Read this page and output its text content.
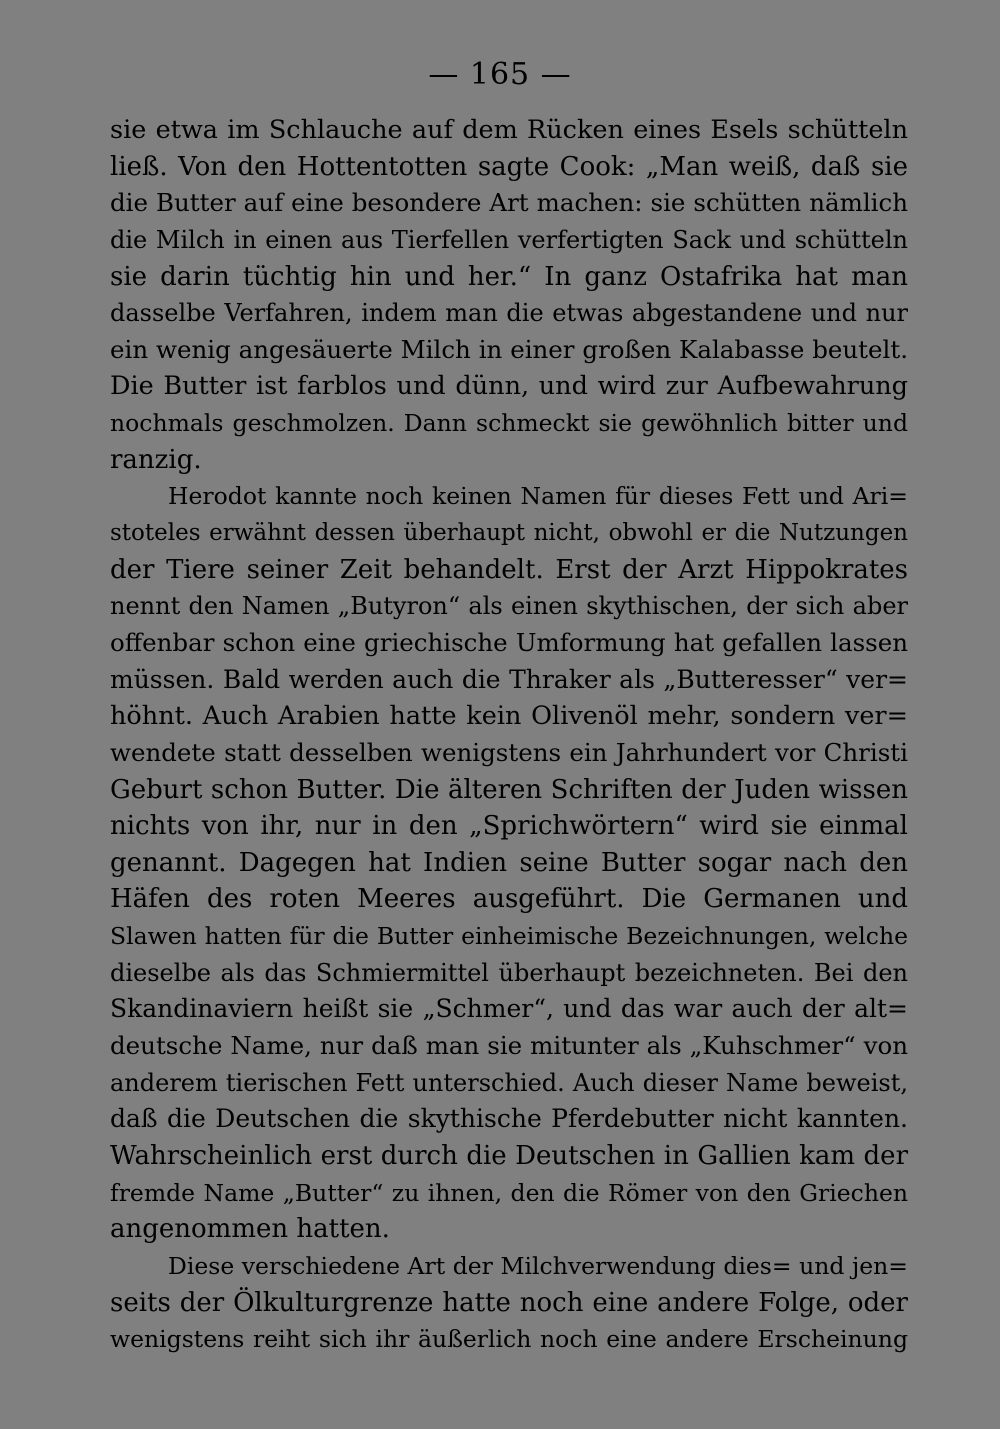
— 165 —
sie etwa im Schlauche auf dem Rücken eines Esels schütteln
ließ. Von den Hottentotten sagte Cook: „Man weiß, daß sie
die Butter auf eine besondere Art machen: sie schütten nämlich
die Milch in einen aus Tierfellen verfertigten Sack und schütteln
sie darin tüchtig hin und her.“ In ganz Ostafrika hat man
dasselbe Verfahren, indem man die etwas abgestandene und nur
ein wenig angesäuerte Milch in einer großen Kalabasse beutelt.
Die Butter ist farblos und dünn, und wird zur Aufbewahrung
nochmals geschmolzen. Dann schmeckt sie gewöhnlich bitter und
ranzig.
Herodot kannte noch keinen Namen für dieses Fett und Ari=
stoteles erwähnt dessen überhaupt nicht, obwohl er die Nutzungen
der Tiere seiner Zeit behandelt. Erst der Arzt Hippokrates
nennt den Namen „Butyron“ als einen skythischen, der sich aber
offenbar schon eine griechische Umformung hat gefallen lassen
müssen. Bald werden auch die Thraker als „Butteresser“ ver=
höhnt. Auch Arabien hatte kein Olivenöl mehr, sondern ver=
wendete statt desselben wenigstens ein Jahrhundert vor Christi
Geburt schon Butter. Die älteren Schriften der Juden wissen
nichts von ihr, nur in den „Sprichwörtern“ wird sie einmal
genannt. Dagegen hat Indien seine Butter sogar nach den
Häfen des roten Meeres ausgeführt. Die Germanen und
Slawen hatten für die Butter einheimische Bezeichnungen, welche
dieselbe als das Schmiermittel überhaupt bezeichneten. Bei den
Skandinaviern heißt sie „Schmer“, und das war auch der alt=
deutsche Name, nur daß man sie mitunter als „Kuhschmer“ von
anderem tierischen Fett unterschied. Auch dieser Name beweist,
daß die Deutschen die skythische Pferdebutter nicht kannten.
Wahrscheinlich erst durch die Deutschen in Gallien kam der
fremde Name „Butter“ zu ihnen, den die Römer von den Griechen
angenommen hatten.
Diese verschiedene Art der Milchverwendung dies= und jen=
seits der Ölkulturgrenze hatte noch eine andere Folge, oder
wenigstens reiht sich ihr äußerlich noch eine andere Erscheinung
